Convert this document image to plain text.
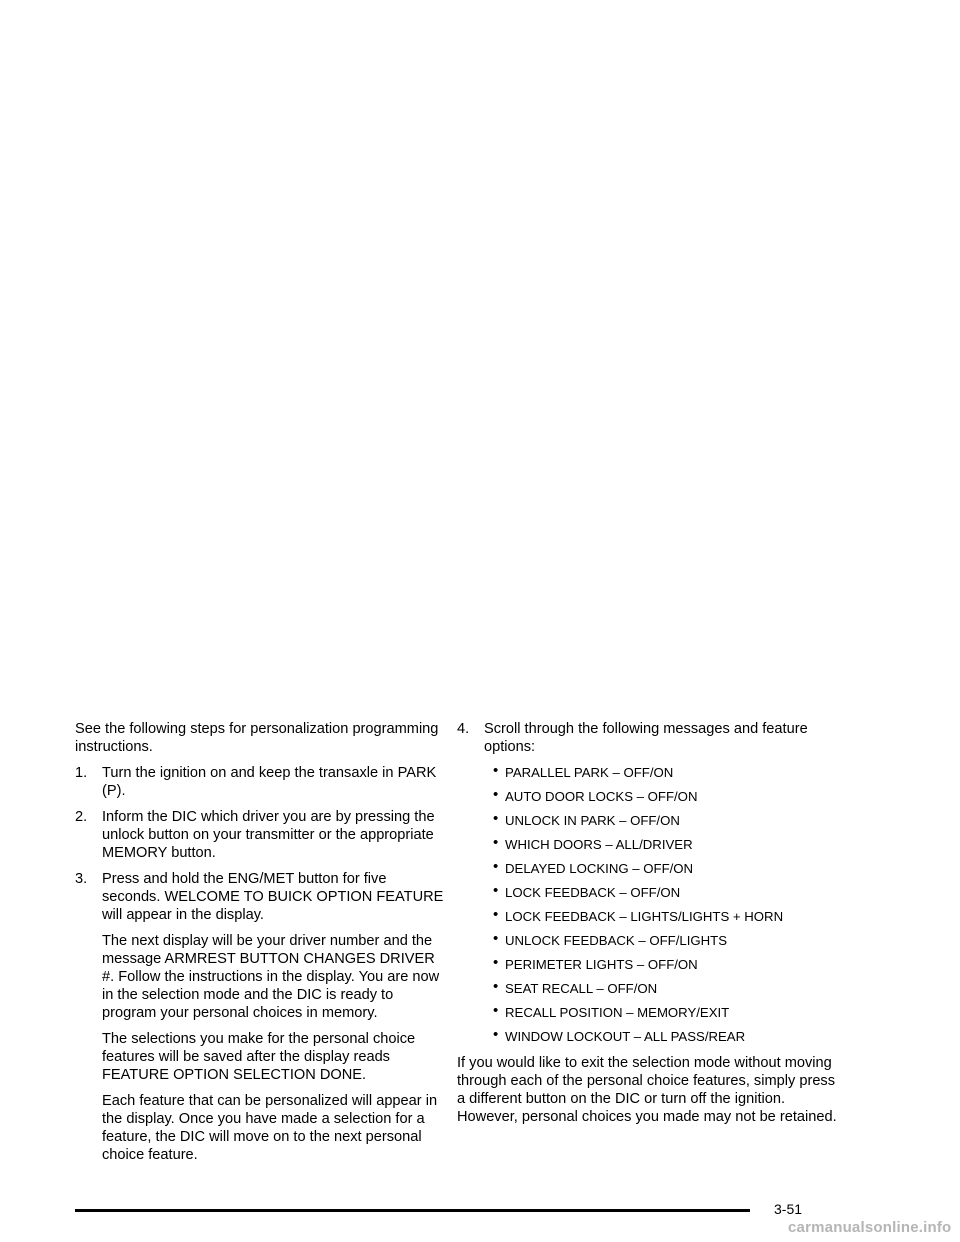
See the following steps for personalization programming instructions.

1. Turn the ignition on and keep the transaxle in PARK (P).
2. Inform the DIC which driver you are by pressing the unlock button on your transmitter or the appropriate MEMORY button.
3. Press and hold the ENG/MET button for five seconds. WELCOME TO BUICK OPTION FEATURE will appear in the display.

The next display will be your driver number and the message ARMREST BUTTON CHANGES DRIVER #. Follow the instructions in the display. You are now in the selection mode and the DIC is ready to program your personal choices in memory.

The selections you make for the personal choice features will be saved after the display reads FEATURE OPTION SELECTION DONE.

Each feature that can be personalized will appear in the display. Once you have made a selection for a feature, the DIC will move on to the next personal choice feature.

4. Scroll through the following messages and feature options:
• PARALLEL PARK – OFF/ON
• AUTO DOOR LOCKS – OFF/ON
• UNLOCK IN PARK – OFF/ON
• WHICH DOORS – ALL/DRIVER
• DELAYED LOCKING – OFF/ON
• LOCK FEEDBACK – OFF/ON
• LOCK FEEDBACK – LIGHTS/LIGHTS + HORN
• UNLOCK FEEDBACK – OFF/LIGHTS
• PERIMETER LIGHTS – OFF/ON
• SEAT RECALL – OFF/ON
• RECALL POSITION – MEMORY/EXIT
• WINDOW LOCKOUT – ALL PASS/REAR

If you would like to exit the selection mode without moving through each of the personal choice features, simply press a different button on the DIC or turn off the ignition. However, personal choices you made may not be retained.

3-51
carmanualsonline.info
